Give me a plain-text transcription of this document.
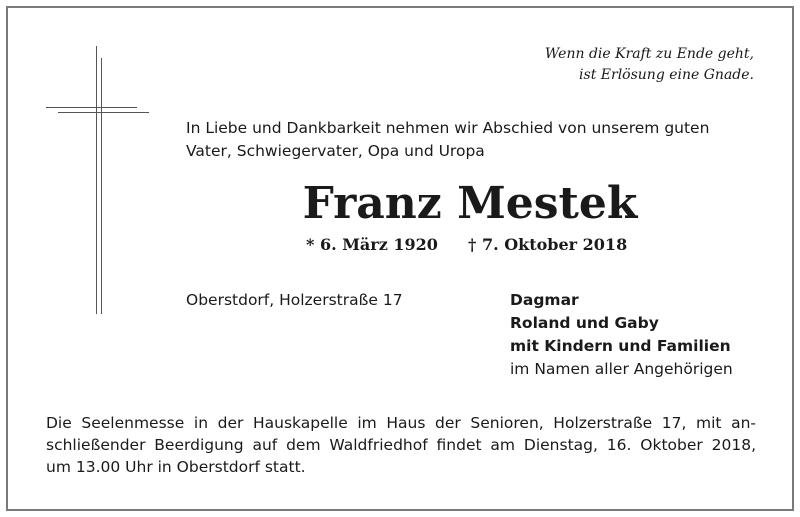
Wenn die Kraft zu Ende geht,
ist Erlösung eine Gnade.
In Liebe und Dankbarkeit nehmen wir Abschied von unserem guten
Vater, Schwiegervater, Opa und Uropa
Franz Mestek
* 6. März 1920 † 7. Oktober 2018
Oberstdorf, Holzerstraße 17	Dagmar
Roland und Gaby
mit Kindern und Familien
im Namen aller Angehörigen
Die Seelenmesse in der Hauskapelle im Haus der Senioren, Holzerstraße 17, mit an-
schließender Beerdigung auf dem Waldfriedhof findet am Dienstag, 16. Oktober 2018,
um 13.00 Uhr in Oberstdorf statt.
